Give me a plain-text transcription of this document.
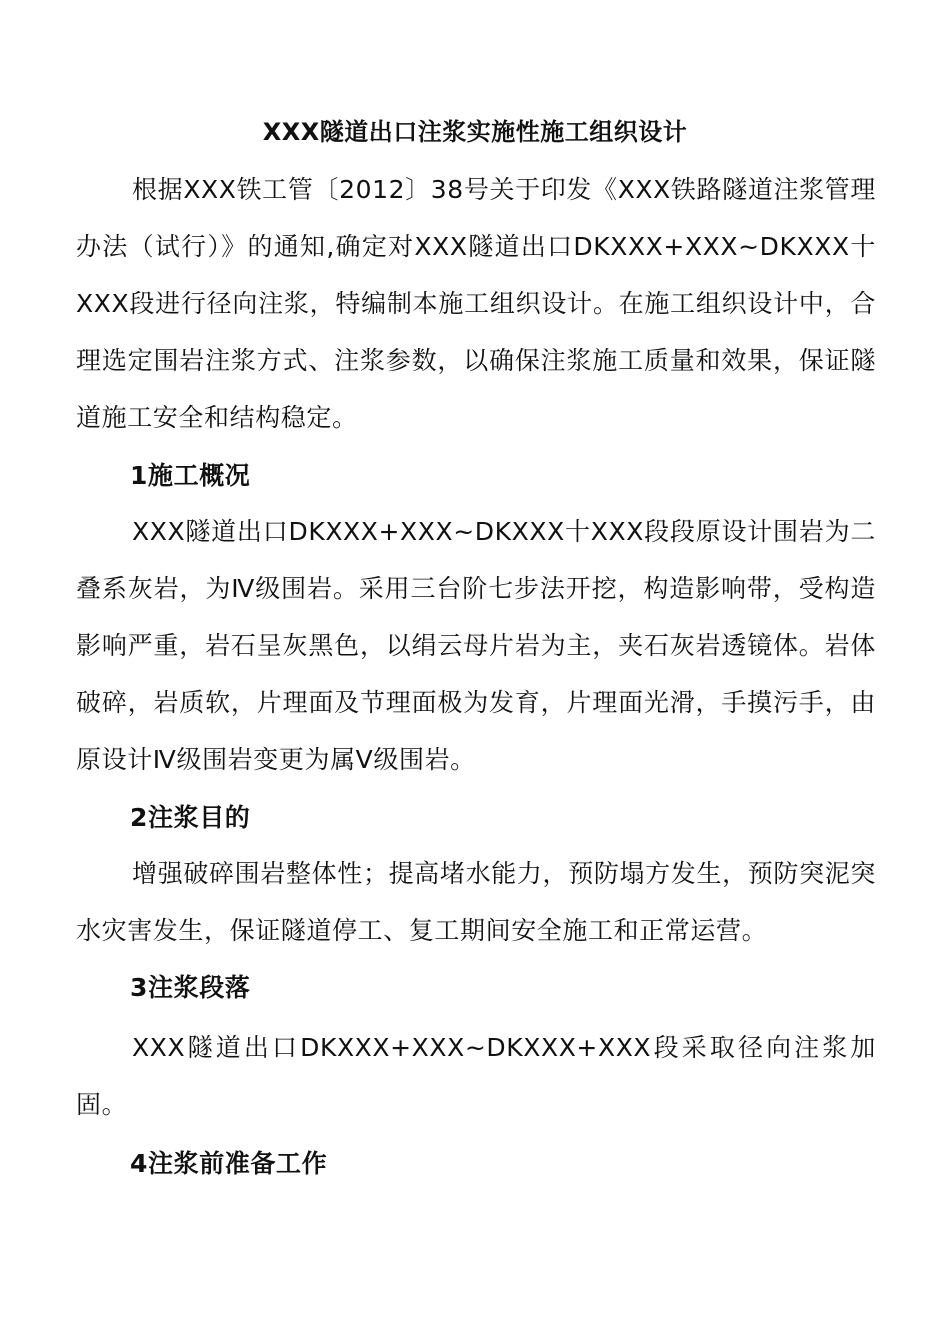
XXX隧道出口注浆实施性施工组织设计
根据XXX铁工管〔2012〕38号关于印发《XXX铁路隧道注浆管理办法（试行）》的通知,确定对XXX隧道出口DKXXX+XXX~DKXXX十XXX段进行径向注浆，特编制本施工组织设计。在施工组织设计中，合理选定围岩注浆方式、注浆参数，以确保注浆施工质量和效果，保证隧道施工安全和结构稳定。
1施工概况
XXX隧道出口DKXXX+XXX~DKXXX十XXX段段原设计围岩为二叠系灰岩，为Ⅳ级围岩。采用三台阶七步法开挖，构造影响带，受构造影响严重，岩石呈灰黑色，以绢云母片岩为主，夹石灰岩透镜体。岩体破碎，岩质软，片理面及节理面极为发育，片理面光滑，手摸污手，由原设计Ⅳ级围岩变更为属Ⅴ级围岩。
2注浆目的
增强破碎围岩整体性；提高堵水能力，预防塌方发生，预防突泥突水灾害发生，保证隧道停工、复工期间安全施工和正常运营。
3注浆段落
XXX隧道出口DKXXX+XXX~DKXXX+XXX段采取径向注浆加固。
4注浆前准备工作
